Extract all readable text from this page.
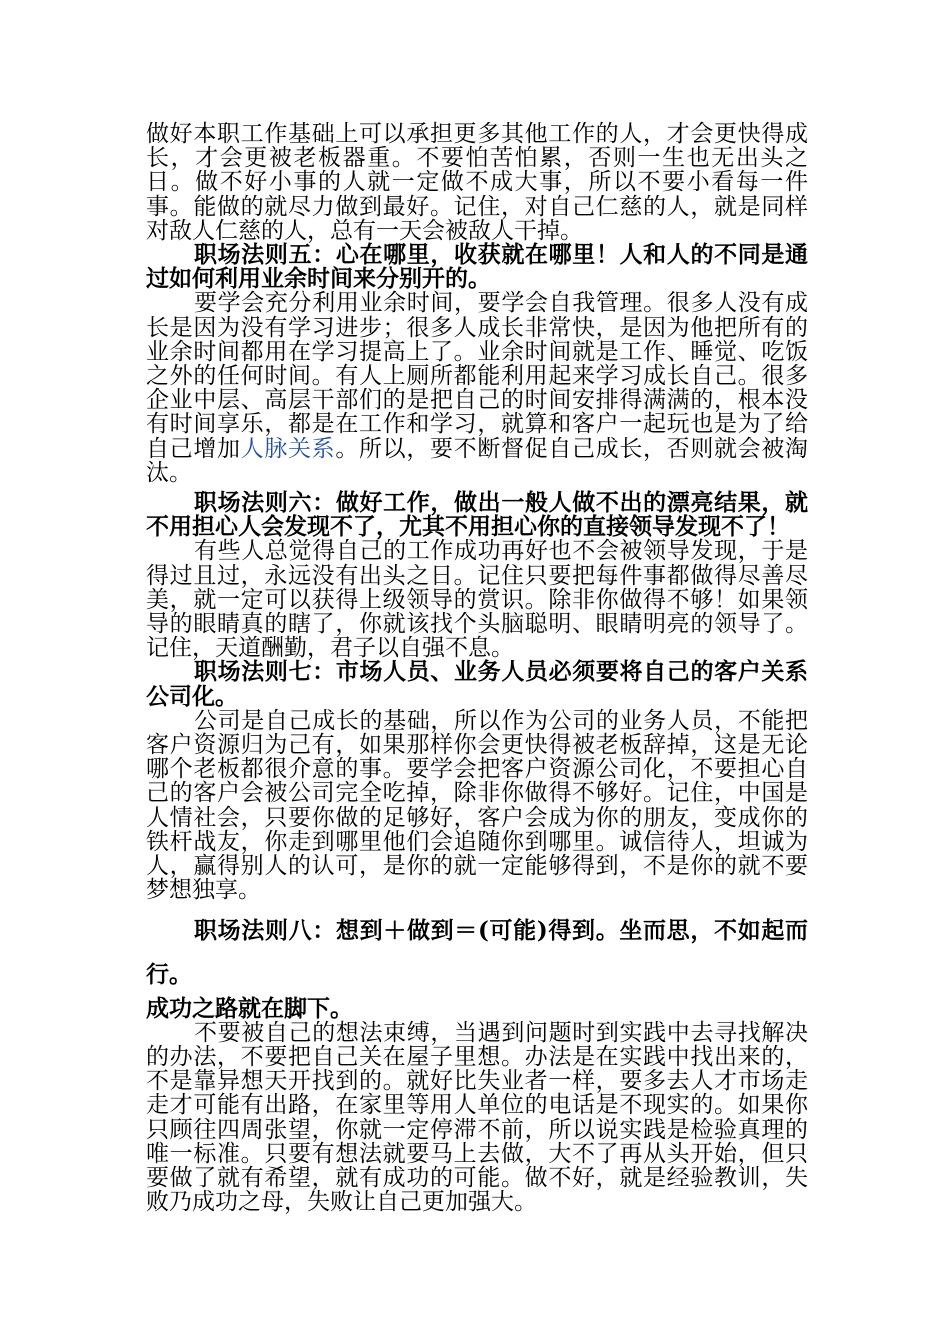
做好本职工作基础上可以承担更多其他工作的人，才会更快得成长，才会更被老板器重。不要怕苦怕累，否则一生也无出头之日。做不好小事的人就一定做不成大事，所以不要小看每一件事。能做的就尽力做到最好。记住，对自己仁慈的人，就是同样对敌人仁慈的人，总有一天会被敌人干掉。

职场法则五：心在哪里，收获就在哪里！人和人的不同是通过如何利用业余时间来分别开的。

要学会充分利用业余时间，要学会自我管理。很多人没有成长是因为没有学习进步；很多人成长非常快，是因为他把所有的业余时间都用在学习提高上了。业余时间就是工作、睡觉、吃饭之外的任何时间。有人上厕所都能利用起来学习成长自己。很多企业中层、高层干部们的是把自己的时间安排得满满的，根本没有时间享乐，都是在工作和学习，就算和客户一起玩也是为了给自己增加人脉关系。所以，要不断督促自己成长，否则就会被淘汰。

职场法则六：做好工作，做出一般人做不出的漂亮结果，就不用担心人会发现不了，尤其不用担心你的直接领导发现不了！

有些人总觉得自己的工作成功再好也不会被领导发现，于是得过且过，永远没有出头之日。记住只要把每件事都做得尽善尽美，就一定可以获得上级领导的赏识。除非你做得不够！如果领导的眼睛真的瞎了，你就该找个头脑聪明、眼睛明亮的领导了。记住，天道酬勤，君子以自强不息。

职场法则七：市场人员、业务人员必须要将自己的客户关系公司化。

公司是自己成长的基础，所以作为公司的业务人员，不能把客户资源归为己有，如果那样你会更快得被老板辞掉，这是无论哪个老板都很介意的事。要学会把客户资源公司化，不要担心自己的客户会被公司完全吃掉，除非你做得不够好。记住，中国是人情社会，只要你做的足够好，客户会成为你的朋友，变成你的铁杆战友，你走到哪里他们会追随你到哪里。诚信待人，坦诚为人，赢得别人的认可，是你的就一定能够得到，不是你的就不要梦想独享。

职场法则八：想到＋做到＝(可能)得到。坐而思，不如起而行。

成功之路就在脚下。

不要被自己的想法束缚，当遇到问题时到实践中去寻找解决的办法，不要把自己关在屋子里想。办法是在实践中找出来的，不是靠异想天开找到的。就好比失业者一样，要多去人才市场走走才可能有出路，在家里等用人单位的电话是不现实的。如果你只顾往四周张望，你就一定停滞不前，所以说实践是检验真理的唯一标准。只要有想法就要马上去做，大不了再从头开始，但只要做了就有希望，就有成功的可能。做不好，就是经验教训，失败乃成功之母，失败让自己更加强大。
